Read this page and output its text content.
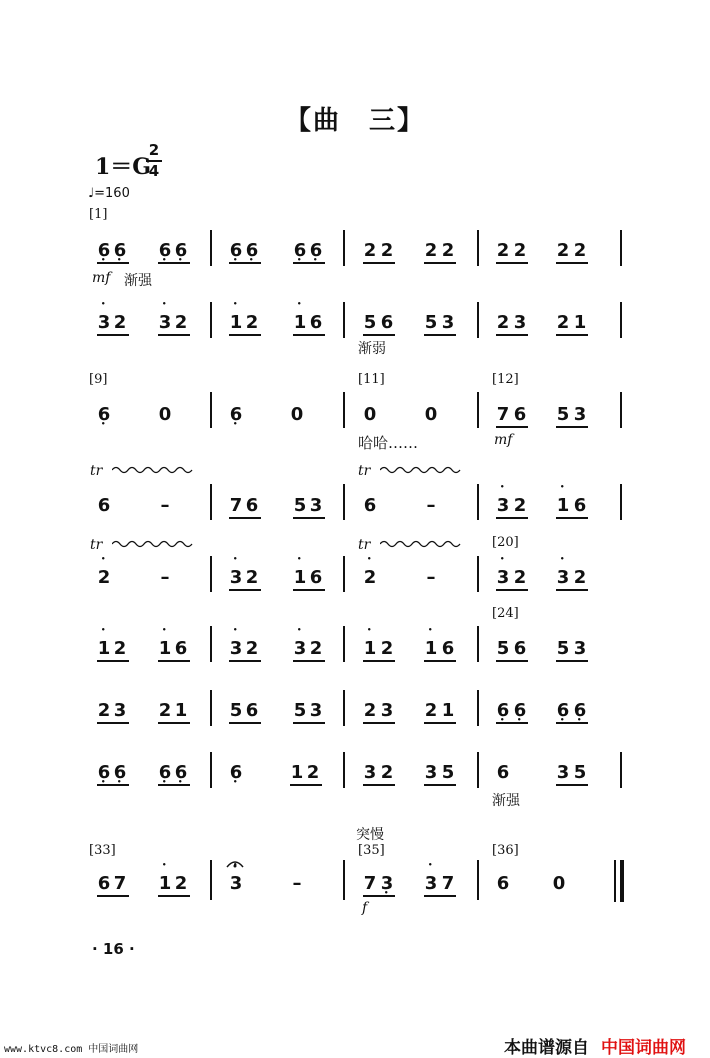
【曲　三】
1＝G
2
4
♩=160
[1]
[9]	[11]	[12]
[20]
[24]
[33]	[35]	[36]
mf 渐强
渐弱
哈哈……	mf
渐强
突慢
f
tr	tr
tr	tr
6 • 6 • 6 • 6 • 6 • 6 • 6 • 6 • 2 2 2 2 2 2 2 2
• 3 2 • 3 2 • 1 2 • 1 6 5 6 5 3 2 3 2 1
6 •	0	6 •	0	0	0	7 6 5 3
6	–	7 6 5 3 6	–	• 3 2 • 1 6
• 2	–	• 3 2 • 1 6 • 2	–	• 3 2 • 3 2
• 1 2 • 1 6 • 3 2 • 3 2 • 1 2 • 1 6 5 6 5 3
2 3 2 1 5 6 5 3 2 3 2 1 6 • 6 • 6 • 6 •
6 • 6 • 6 • 6 • 6 •	1 2 3 2 3 5 6	3 5
6 7 • 1 2 • 3	–	7 3 • • 3 7 6 0
· 16 ·
www.ktvc8.com 中国词曲网	本曲谱源自 中国词曲网
